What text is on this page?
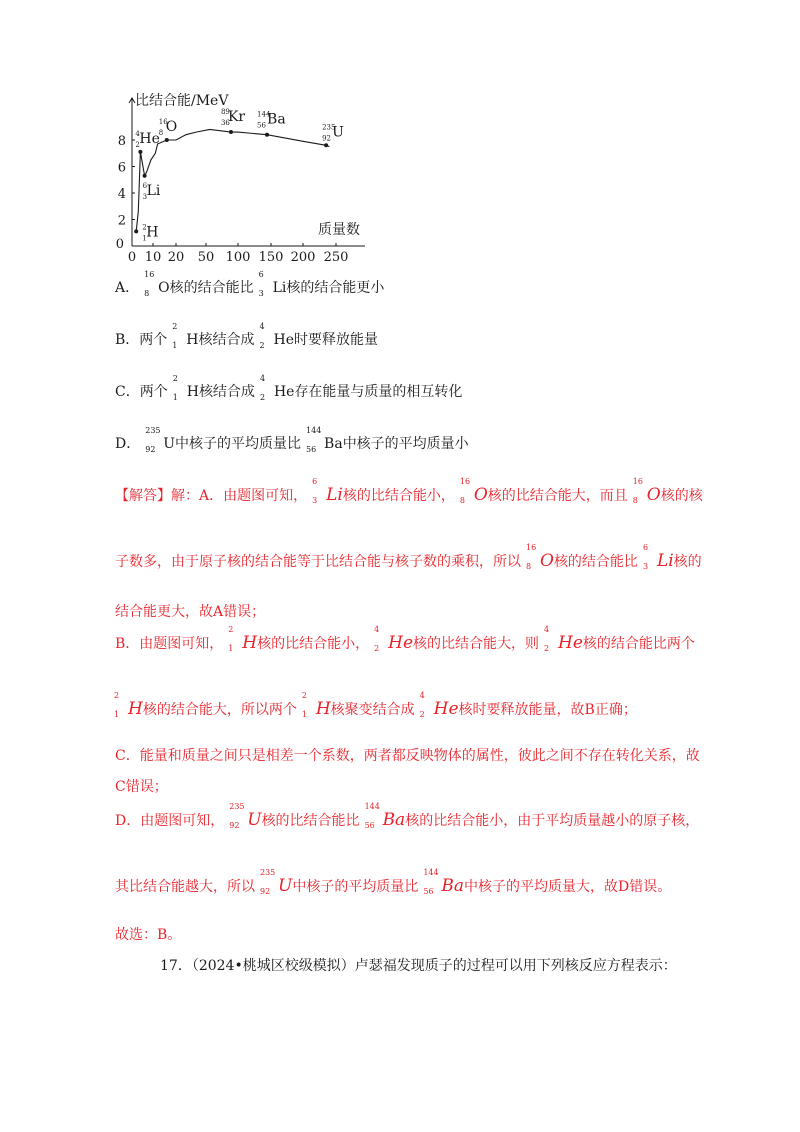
0 10 20 50 100 150 200 250
2
4
6
8
0
2
1 H
4
2 He
6
3 Li
16
8 O
89
36
Kr 144
56 Ba	235
92 U
比结合能/MeV
质量数
A．
16
8 O核的结合能比
6
3 Li核的结合能更小
B．两个
2
1 H核结合成
4
2 He时要释放能量
C．两个
2
1 H核结合成
4
2 He存在能量与质量的相互转化
D．
235
92 U中核子的平均质量比
144
56 Ba中核子的平均质量小
【解答】解：A．由题图可知，
6
3 Li核的比结合能小，
16
8 O核的比结合能大，而且
16
8 O核的核
子数多，由于原子核的结合能等于比结合能与核子数的乘积，所以
16
8 O核的结合能比
6
3 Li核的
结合能更大，故A错误；
B．由题图可知，
2
1 H核的比结合能小，
4
2 He核的比结合能大，则
4
2 He核的结合能比两个
2
1 H核的结合能大，所以两个
2
1 H核聚变结合成
4
2 He核时要释放能量，故B正确；
C．能量和质量之间只是相差一个系数，两者都反映物体的属性，彼此之间不存在转化关系，故
C错误；
D．由题图可知，
235
92 U核的比结合能比
144
56 Ba核的比结合能小，由于平均质量越小的原子核，
其比结合能越大，所以
235
92 U中核子的平均质量比
144
56 Ba中核子的平均质量大，故D错误。
故选：B。
17．（2024•桃城区校级模拟）卢瑟福发现质子的过程可以用下列核反应方程表示：
